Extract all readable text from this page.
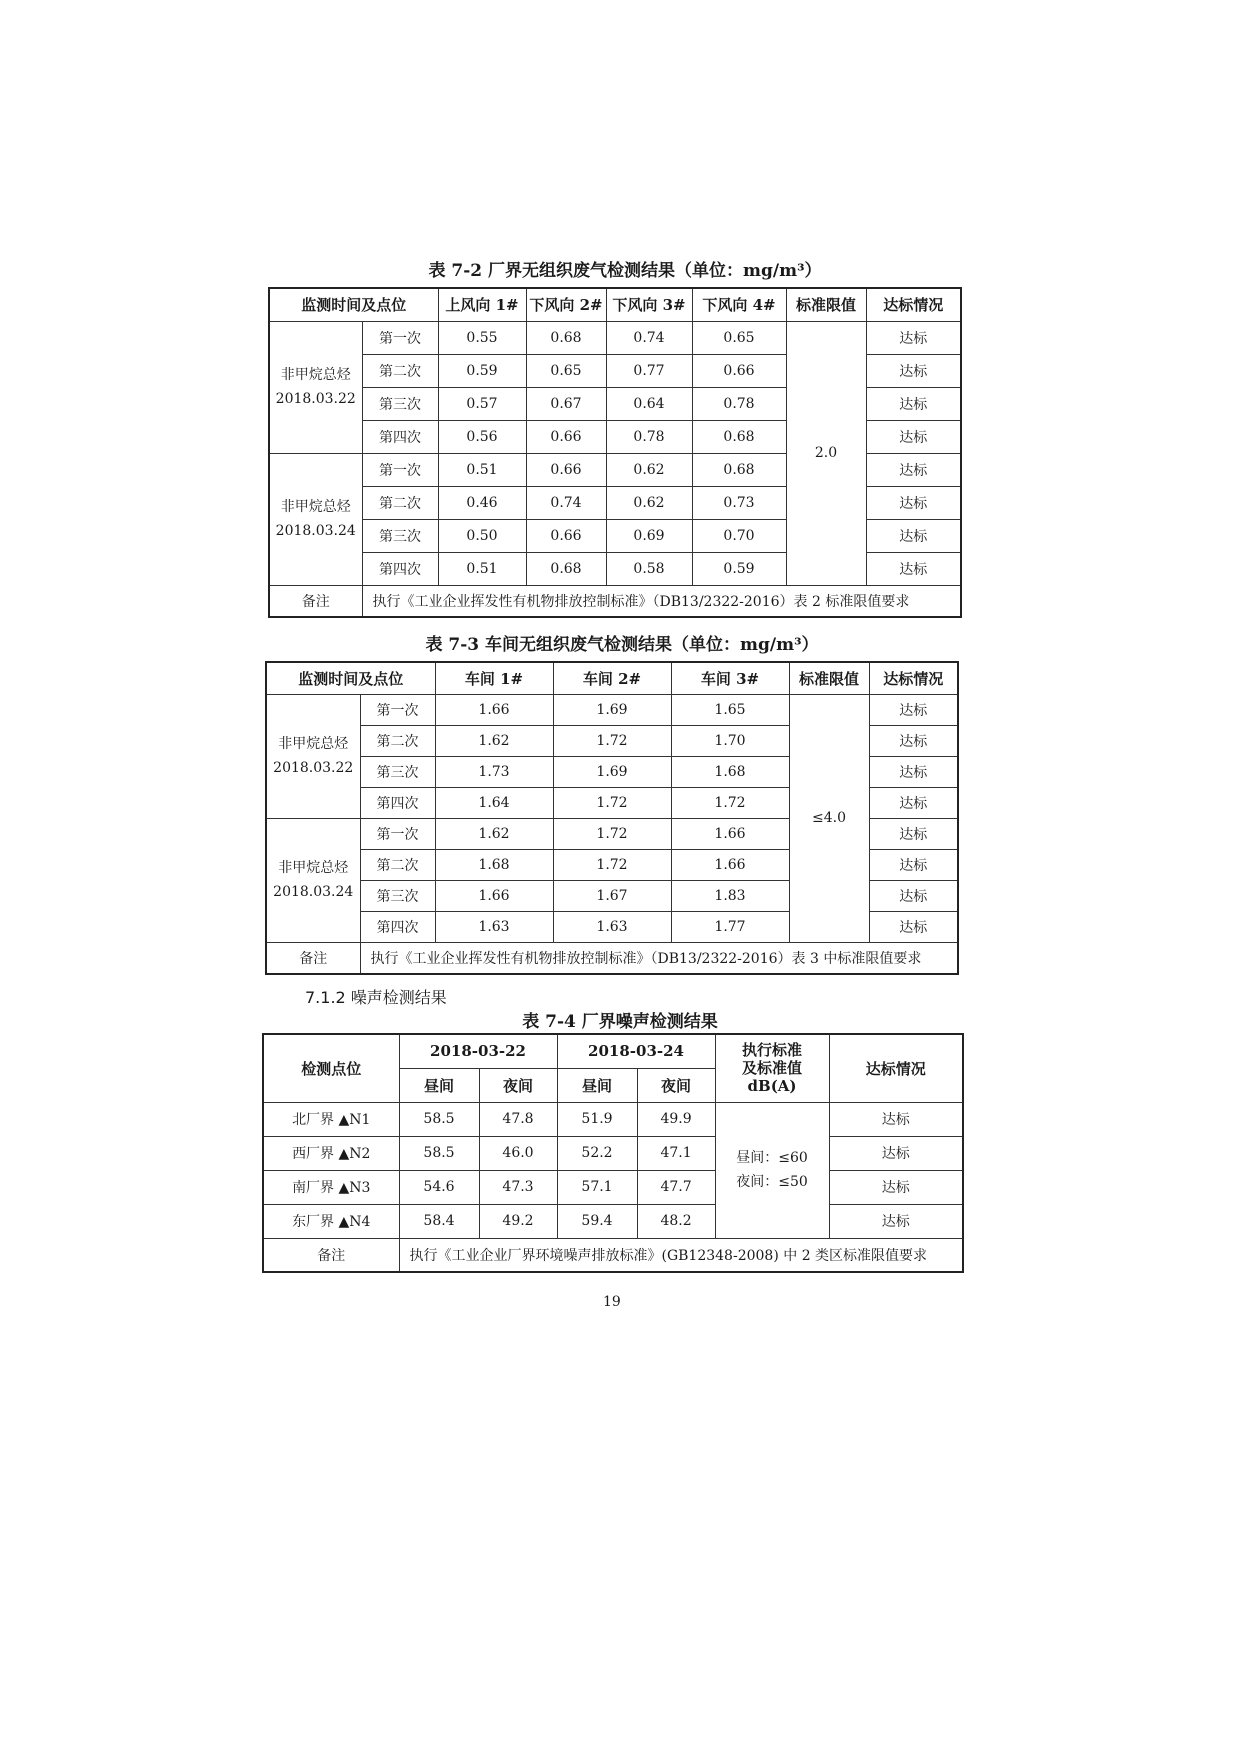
表 7-2 厂界无组织废气检测结果（单位：mg/m³）
监测时间及点位		上风向 1#	下风向 2#	下风向 3#	下风向 4#	标准限值	达标情况

非甲烷总烃
2018.03.22	第一次	0.55	0.68	0.74	0.65	2.0	达标
	第二次	0.59	0.65	0.77	0.66		达标
	第三次	0.57	0.67	0.64	0.78		达标
	第四次	0.56	0.66	0.78	0.68		达标

非甲烷总烃
2018.03.24	第一次	0.51	0.66	0.62	0.68		达标
	第二次	0.46	0.74	0.62	0.73		达标
	第三次	0.50	0.66	0.69	0.70		达标
	第四次	0.51	0.68	0.58	0.59		达标
备注	执行《工业企业挥发性有机物排放控制标准》（DB13/2322-2016）表 2 标准限值要求						
表 7-3 车间无组织废气检测结果（单位：mg/m³）
监测时间及点位		车间 1#	车间 2#	车间 3#	标准限值	达标情况

非甲烷总烃
2018.03.22	第一次	1.66	1.69	1.65	≤4.0	达标
	第二次	1.62	1.72	1.70		达标
	第三次	1.73	1.69	1.68		达标
	第四次	1.64	1.72	1.72		达标

非甲烷总烃
2018.03.24	第一次	1.62	1.72	1.66		达标
	第二次	1.68	1.72	1.66		达标
	第三次	1.66	1.67	1.83		达标
	第四次	1.63	1.63	1.77		达标
备注	执行《工业企业挥发性有机物排放控制标准》（DB13/2322-2016）表 3 中标准限值要求					
7.1.2 噪声检测结果
表 7-4 厂界噪声检测结果
检测点位	2018-03-22		2018-03-24		执行标准
及标准值
dB(A)	达标情况
	昼间	夜间	昼间	夜间		
北厂界 ▲N1	58.5	47.8	51.9	49.9	昼间：≤60
夜间：≤50	达标
西厂界 ▲N2	58.5	46.0	52.2	47.1		达标
南厂界 ▲N3	54.6	47.3	57.1	47.7		达标
东厂界 ▲N4	58.4	49.2	59.4	48.2		达标
备注	执行《工业企业厂界环境噪声排放标准》(GB12348-2008) 中 2 类区标准限值要求					
19
